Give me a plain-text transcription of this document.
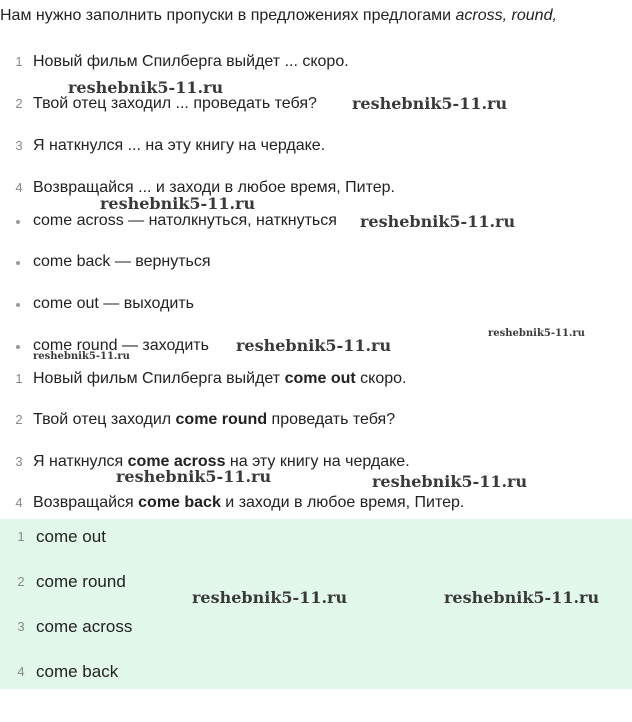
Нам нужно заполнить пропуски в предложениях предлогами across, round,

1 Новый фильм Спилберга выйдет ... скоро.
2 Твой отец заходил ... проведать тебя?
3 Я наткнулся ... на эту книгу на чердаке.
4 Возвращайся ... и заходи в любое время, Питер.
come across — натолкнуться, наткнуться
come back — вернуться
come out — выходить
come round — заходить
1 Новый фильм Спилберга выйдет come out скоро.
2 Твой отец заходил come round проведать тебя?
3 Я наткнулся come across на эту книгу на чердаке.
4 Возвращайся come back и заходи в любое время, Питер.
1 come out
2 come round
3 come across
4 come back
reshebnik5-11.ru
reshebnik5-11.ru
reshebnik5-11.ru
reshebnik5-11.ru
reshebnik5-11.ru
reshebnik5-11.ru
reshebnik5-11.ru
reshebnik5-11.ru	reshebnik5-11.ru
reshebnik5-11.ru	reshebnik5-11.ru
